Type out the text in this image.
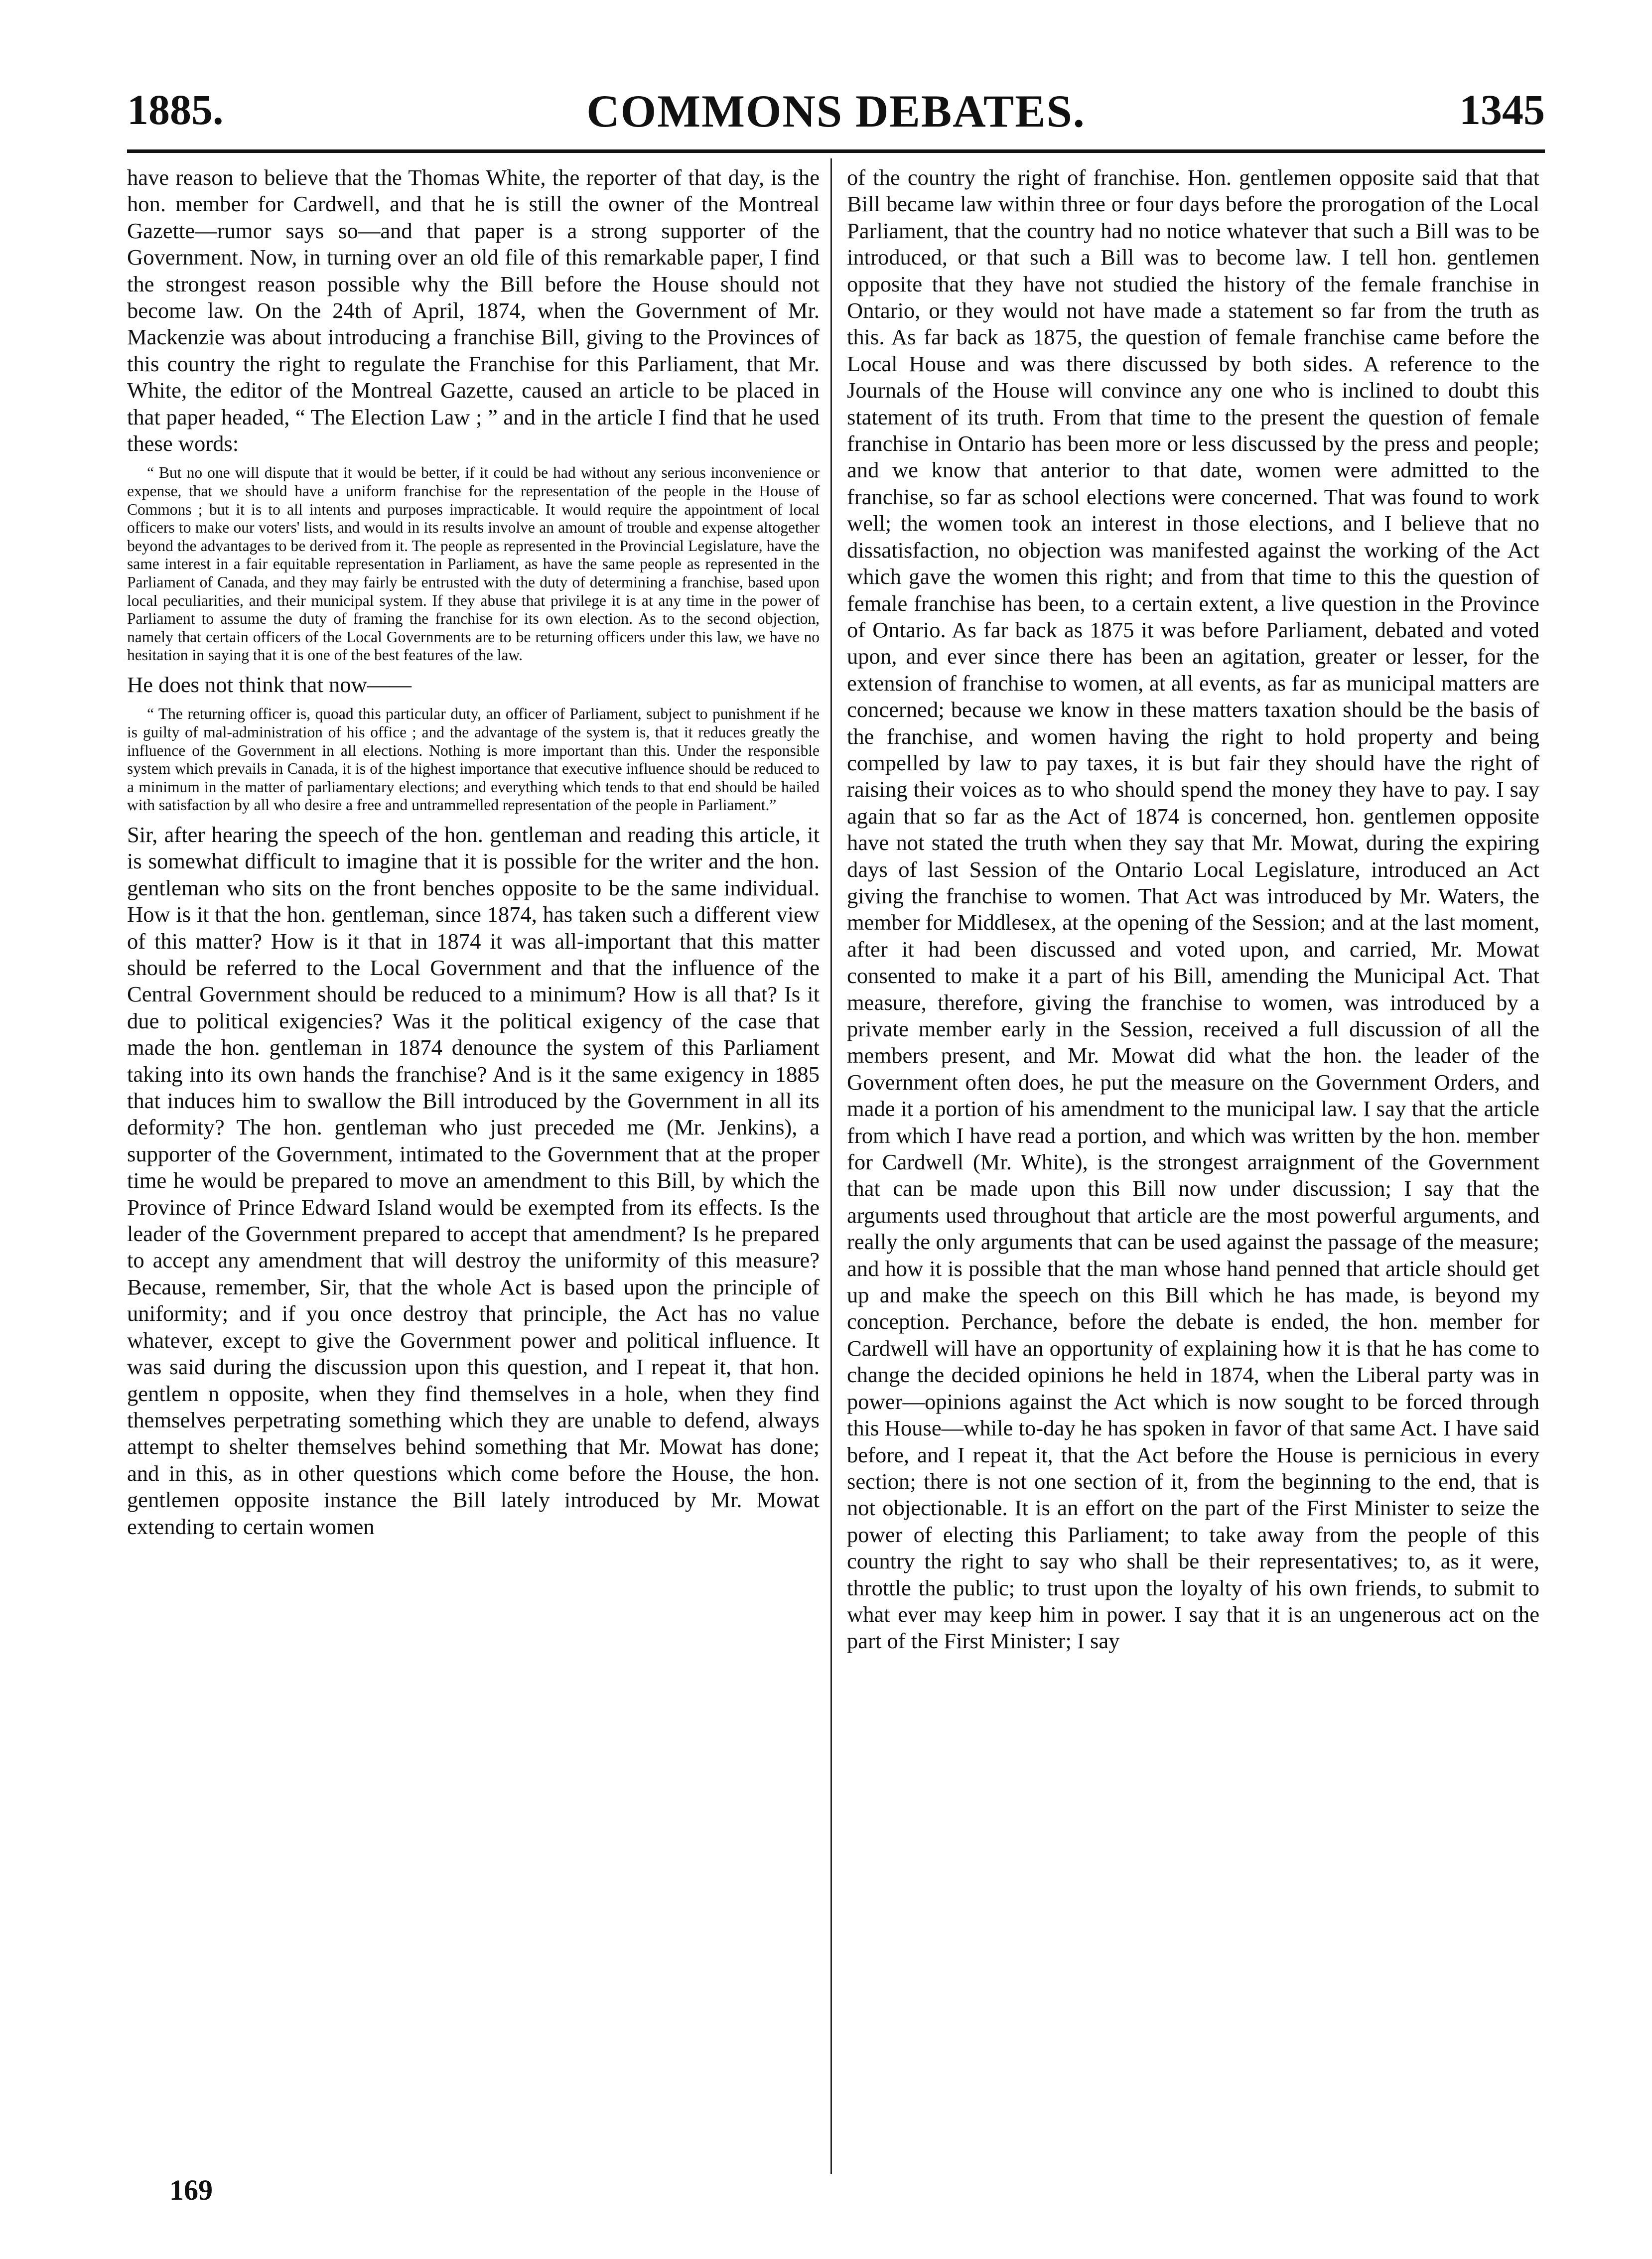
1885.	COMMONS DEBATES.	1345

have reason to believe that the Thomas White, the reporter of that day, is the hon. member for Cardwell, and that he is still the owner of the Montreal Gazette—rumor says so—and that paper is a strong supporter of the Government. Now, in turning over an old file of this remarkable paper, I find the strongest reason possible why the Bill before the House should not become law. On the 24th of April, 1874, when the Government of Mr. Mackenzie was about introducing a franchise Bill, giving to the Provinces of this country the right to regulate the Franchise for this Parliament, that Mr. White, the editor of the Montreal Gazette, caused an article to be placed in that paper headed, “ The Election Law ; ” and in the article I find that he used these words:

“ But no one will dispute that it would be better, if it could be had without any serious inconvenience or expense, that we should have a uniform franchise for the representation of the people in the House of Commons ; but it is to all intents and purposes impracticable. It would require the appointment of local officers to make our voters' lists, and would in its results involve an amount of trouble and expense altogether beyond the advantages to be derived from it. The people as represented in the Provincial Legislature, have the same interest in a fair equitable representation in Parliament, as have the same people as represented in the Parliament of Canada, and they may fairly be entrusted with the duty of determining a franchise, based upon local peculiarities, and their municipal system. If they abuse that privilege it is at any time in the power of Parliament to assume the duty of framing the franchise for its own election. As to the second objection, namely that certain officers of the Local Governments are to be returning officers under this law, we have no hesitation in saying that it is one of the best features of the law.

He does not think that now——

“ The returning officer is, quoad this particular duty, an officer of Parliament, subject to punishment if he is guilty of mal-administration of his office ; and the advantage of the system is, that it reduces greatly the influence of the Government in all elections. Nothing is more important than this. Under the responsible system which prevails in Canada, it is of the highest importance that executive influence should be reduced to a minimum in the matter of parliamentary elections; and everything which tends to that end should be hailed with satisfaction by all who desire a free and untrammelled representation of the people in Parliament.”

Sir, after hearing the speech of the hon. gentleman and reading this article, it is somewhat difficult to imagine that it is possible for the writer and the hon. gentleman who sits on the front benches opposite to be the same individual. How is it that the hon. gentleman, since 1874, has taken such a different view of this matter? How is it that in 1874 it was all-important that this matter should be referred to the Local Government and that the influence of the Central Government should be reduced to a minimum? How is all that? Is it due to political exigencies? Was it the political exigency of the case that made the hon. gentleman in 1874 denounce the system of this Parliament taking into its own hands the franchise? And is it the same exigency in 1885 that induces him to swallow the Bill introduced by the Government in all its deformity? The hon. gentleman who just preceded me (Mr. Jenkins), a supporter of the Government, intimated to the Government that at the proper time he would be prepared to move an amendment to this Bill, by which the Province of Prince Edward Island would be exempted from its effects. Is the leader of the Government prepared to accept that amendment? Is he prepared to accept any amendment that will destroy the uniformity of this measure? Because, remember, Sir, that the whole Act is based upon the principle of uniformity; and if you once destroy that principle, the Act has no value whatever, except to give the Government power and political influence. It was said during the discussion upon this question, and I repeat it, that hon. gentlem n opposite, when they find themselves in a hole, when they find themselves perpetrating something which they are unable to defend, always attempt to shelter themselves behind something that Mr. Mowat has done; and in this, as in other questions which come before the House, the hon. gentlemen opposite instance the Bill lately introduced by Mr. Mowat extending to certain women

of the country the right of franchise. Hon. gentlemen opposite said that that Bill became law within three or four days before the prorogation of the Local Parliament, that the country had no notice whatever that such a Bill was to be introduced, or that such a Bill was to become law. I tell hon. gentlemen opposite that they have not studied the history of the female franchise in Ontario, or they would not have made a statement so far from the truth as this. As far back as 1875, the question of female franchise came before the Local House and was there discussed by both sides. A reference to the Journals of the House will convince any one who is inclined to doubt this statement of its truth. From that time to the present the question of female franchise in Ontario has been more or less discussed by the press and people; and we know that anterior to that date, women were admitted to the franchise, so far as school elections were concerned. That was found to work well; the women took an interest in those elections, and I believe that no dissatisfaction, no objection was manifested against the working of the Act which gave the women this right; and from that time to this the question of female franchise has been, to a certain extent, a live question in the Province of Ontario. As far back as 1875 it was before Parliament, debated and voted upon, and ever since there has been an agitation, greater or lesser, for the extension of franchise to women, at all events, as far as municipal matters are concerned; because we know in these matters taxation should be the basis of the franchise, and women having the right to hold property and being compelled by law to pay taxes, it is but fair they should have the right of raising their voices as to who should spend the money they have to pay. I say again that so far as the Act of 1874 is concerned, hon. gentlemen opposite have not stated the truth when they say that Mr. Mowat, during the expiring days of last Session of the Ontario Local Legislature, introduced an Act giving the franchise to women. That Act was introduced by Mr. Waters, the member for Middlesex, at the opening of the Session; and at the last moment, after it had been discussed and voted upon, and carried, Mr. Mowat consented to make it a part of his Bill, amending the Municipal Act. That measure, therefore, giving the franchise to women, was introduced by a private member early in the Session, received a full discussion of all the members present, and Mr. Mowat did what the hon. the leader of the Government often does, he put the measure on the Government Orders, and made it a portion of his amendment to the municipal law. I say that the article from which I have read a portion, and which was written by the hon. member for Cardwell (Mr. White), is the strongest arraignment of the Government that can be made upon this Bill now under discussion; I say that the arguments used throughout that article are the most powerful arguments, and really the only arguments that can be used against the passage of the measure; and how it is possible that the man whose hand penned that article should get up and make the speech on this Bill which he has made, is beyond my conception. Perchance, before the debate is ended, the hon. member for Cardwell will have an opportunity of explaining how it is that he has come to change the decided opinions he held in 1874, when the Liberal party was in power—opinions against the Act which is now sought to be forced through this House—while to-day he has spoken in favor of that same Act. I have said before, and I repeat it, that the Act before the House is pernicious in every section; there is not one section of it, from the beginning to the end, that is not objectionable. It is an effort on the part of the First Minister to seize the power of electing this Parliament; to take away from the people of this country the right to say who shall be their representatives; to, as it were, throttle the public; to trust upon the loyalty of his own friends, to submit to what ever may keep him in power. I say that it is an ungenerous act on the part of the First Minister; I say

169
